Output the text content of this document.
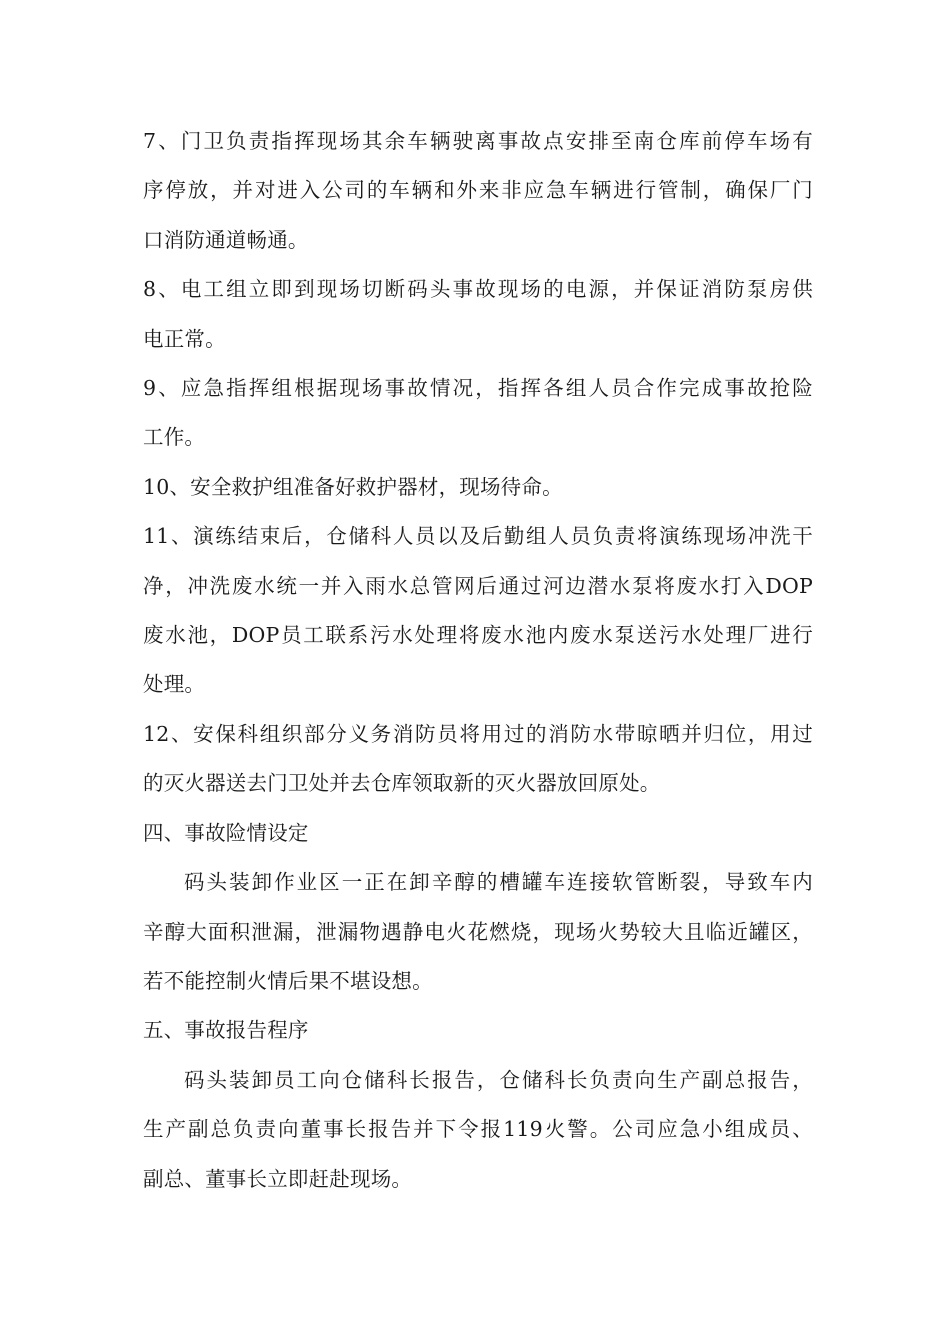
7、门卫负责指挥现场其余车辆驶离事故点安排至南仓库前停车场有
序停放，并对进入公司的车辆和外来非应急车辆进行管制，确保厂门
口消防通道畅通。
8、电工组立即到现场切断码头事故现场的电源，并保证消防泵房供
电正常。
9、应急指挥组根据现场事故情况，指挥各组人员合作完成事故抢险
工作。
10、安全救护组准备好救护器材，现场待命。
11、演练结束后，仓储科人员以及后勤组人员负责将演练现场冲洗干
净，冲洗废水统一并入雨水总管网后通过河边潜水泵将废水打入DOP
废水池，DOP员工联系污水处理将废水池内废水泵送污水处理厂进行
处理。
12、安保科组织部分义务消防员将用过的消防水带晾晒并归位，用过
的灭火器送去门卫处并去仓库领取新的灭火器放回原处。
四、事故险情设定
码头装卸作业区一正在卸辛醇的槽罐车连接软管断裂，导致车内
辛醇大面积泄漏，泄漏物遇静电火花燃烧，现场火势较大且临近罐区，
若不能控制火情后果不堪设想。
五、事故报告程序
码头装卸员工向仓储科长报告，仓储科长负责向生产副总报告，
生产副总负责向董事长报告并下令报119火警。公司应急小组成员、
副总、董事长立即赶赴现场。
